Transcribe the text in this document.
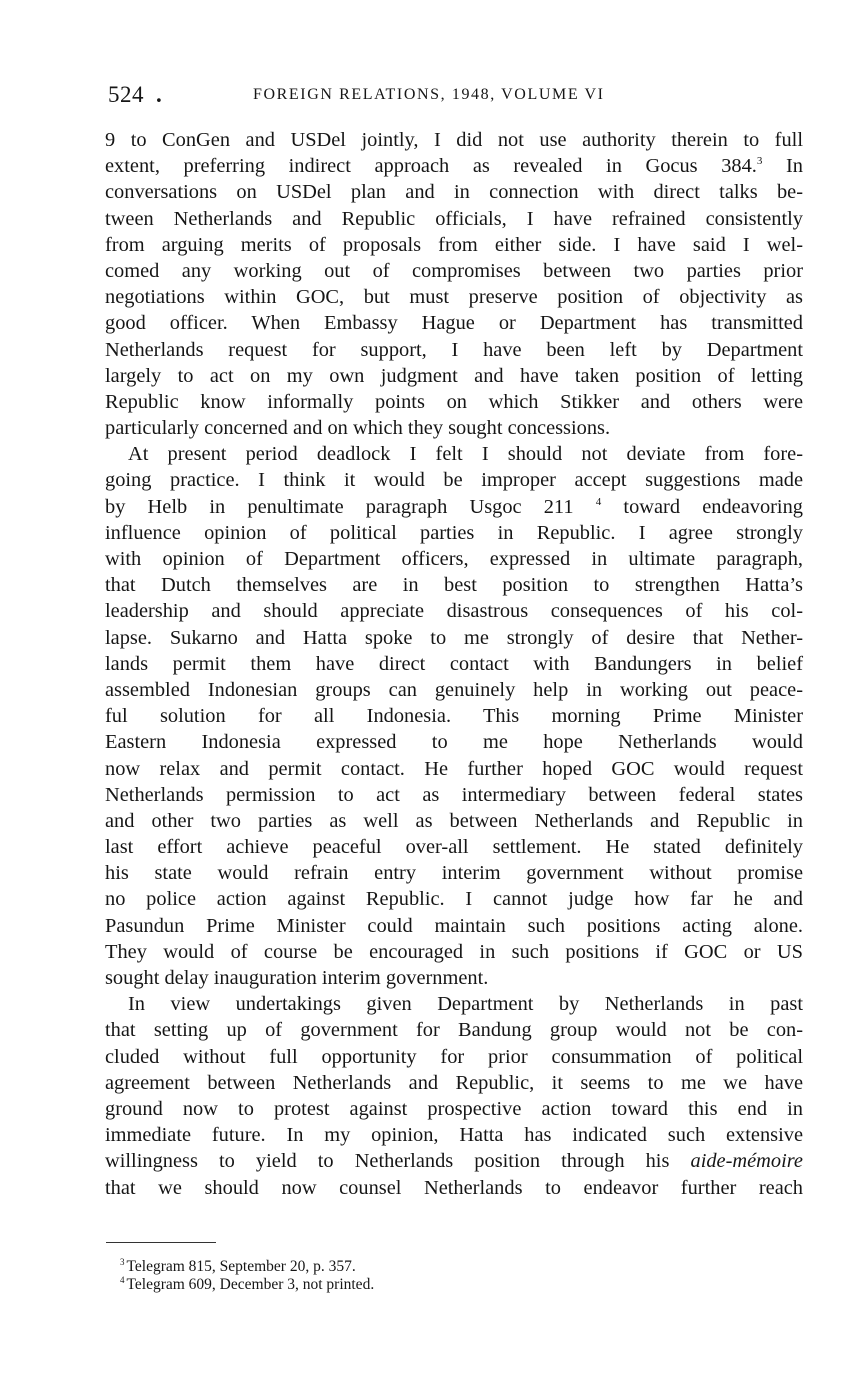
524 .	FOREIGN RELATIONS, 1948, VOLUME VI
9 to ConGen and USDel jointly, I did not use authority therein to full
extent, preferring indirect approach as revealed in Gocus 384.$^3$ In
conversations on USDel plan and in connection with direct talks be-
tween Netherlands and Republic officials, I have refrained consistently
from arguing merits of proposals from either side. I have said I wel-
comed any working out of compromises between two parties prior
negotiations within GOC, but must preserve position of objectivity as
good officer. When Embassy Hague or Department has transmitted
Netherlands request for support, I have been left by Department
largely to act on my own judgment and have taken position of letting
Republic know informally points on which Stikker and others were
particularly concerned and on which they sought concessions.
At present period deadlock I felt I should not deviate from fore-
going practice. I think it would be improper accept suggestions made
by Helb in penultimate paragraph Usgoc 211 $^4$ toward endeavoring
influence opinion of political parties in Republic. I agree strongly
with opinion of Department officers, expressed in ultimate paragraph,
that Dutch themselves are in best position to strengthen Hatta’s
leadership and should appreciate disastrous consequences of his col-
lapse. Sukarno and Hatta spoke to me strongly of desire that Nether-
lands permit them have direct contact with Bandungers in belief
assembled Indonesian groups can genuinely help in working out peace-
ful solution for all Indonesia. This morning Prime Minister
Eastern Indonesia expressed to me hope Netherlands would
now relax and permit contact. He further hoped GOC would request
Netherlands permission to act as intermediary between federal states
and other two parties as well as between Netherlands and Republic in
last effort achieve peaceful over-all settlement. He stated definitely
his state would refrain entry interim government without promise
no police action against Republic. I cannot judge how far he and
Pasundun Prime Minister could maintain such positions acting alone.
They would of course be encouraged in such positions if GOC or US
sought delay inauguration interim government.
In view undertakings given Department by Netherlands in past
that setting up of government for Bandung group would not be con-
cluded without full opportunity for prior consummation of political
agreement between Netherlands and Republic, it seems to me we have
ground now to protest against prospective action toward this end in
immediate future. In my opinion, Hatta has indicated such extensive
willingness to yield to Netherlands position through his aide-mémoire
that we should now counsel Netherlands to endeavor further reach
$^3$ Telegram 815, September 20, p. 357.
$^4$ Telegram 609, December 3, not printed.
